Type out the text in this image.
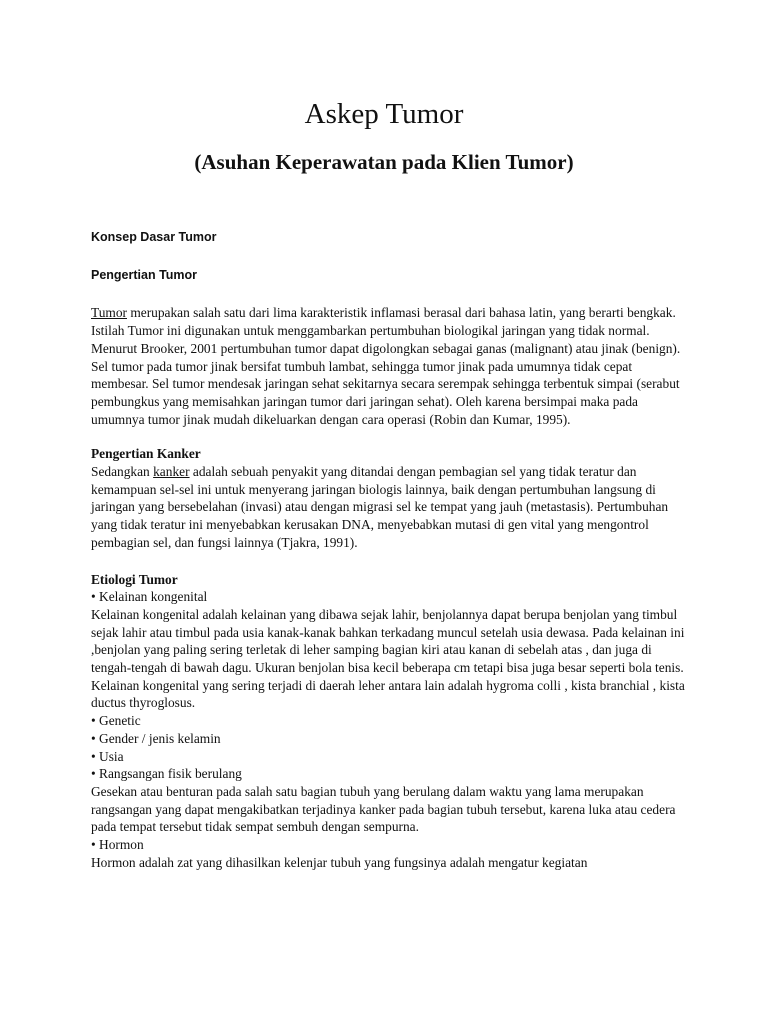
Askep Tumor
(Asuhan Keperawatan pada Klien Tumor)

Konsep Dasar Tumor

Pengertian Tumor

Tumor merupakan salah satu dari lima karakteristik inflamasi berasal dari bahasa latin, yang berarti bengkak. Istilah Tumor ini digunakan untuk menggambarkan pertumbuhan biologikal jaringan yang tidak normal. Menurut Brooker, 2001 pertumbuhan tumor dapat digolongkan sebagai ganas (malignant) atau jinak (benign).

Sel tumor pada tumor jinak bersifat tumbuh lambat, sehingga tumor jinak pada umumnya tidak cepat membesar. Sel tumor mendesak jaringan sehat sekitarnya secara serempak sehingga terbentuk simpai (serabut pembungkus yang memisahkan jaringan tumor dari jaringan sehat). Oleh karena bersimpai maka pada umumnya tumor jinak mudah dikeluarkan dengan cara operasi (Robin dan Kumar, 1995).

Pengertian Kanker

Sedangkan kanker adalah sebuah penyakit yang ditandai dengan pembagian sel yang tidak teratur dan kemampuan sel-sel ini untuk menyerang jaringan biologis lainnya, baik dengan pertumbuhan langsung di jaringan yang bersebelahan (invasi) atau dengan migrasi sel ke tempat yang jauh (metastasis). Pertumbuhan yang tidak teratur ini menyebabkan kerusakan DNA, menyebabkan mutasi di gen vital yang mengontrol pembagian sel, dan fungsi lainnya (Tjakra, 1991).

Etiologi Tumor

• Kelainan kongenital

Kelainan kongenital adalah kelainan yang dibawa sejak lahir, benjolannya dapat berupa benjolan yang timbul sejak lahir atau timbul pada usia kanak-kanak bahkan terkadang muncul setelah usia dewasa. Pada kelainan ini ,benjolan yang paling sering terletak di leher samping bagian kiri atau kanan di sebelah atas , dan juga di tengah-tengah di bawah dagu. Ukuran benjolan bisa kecil beberapa cm tetapi bisa juga besar seperti bola tenis. Kelainan kongenital yang sering terjadi di daerah leher antara lain adalah hygroma colli , kista branchial , kista ductus thyroglosus.

• Genetic

• Gender / jenis kelamin

• Usia

• Rangsangan fisik berulang

Gesekan atau benturan pada salah satu bagian tubuh yang berulang dalam waktu yang lama merupakan rangsangan yang dapat mengakibatkan terjadinya kanker pada bagian tubuh tersebut, karena luka atau cedera pada tempat tersebut tidak sempat sembuh dengan sempurna.

• Hormon

Hormon adalah zat yang dihasilkan kelenjar tubuh yang fungsinya adalah mengatur kegiatan
